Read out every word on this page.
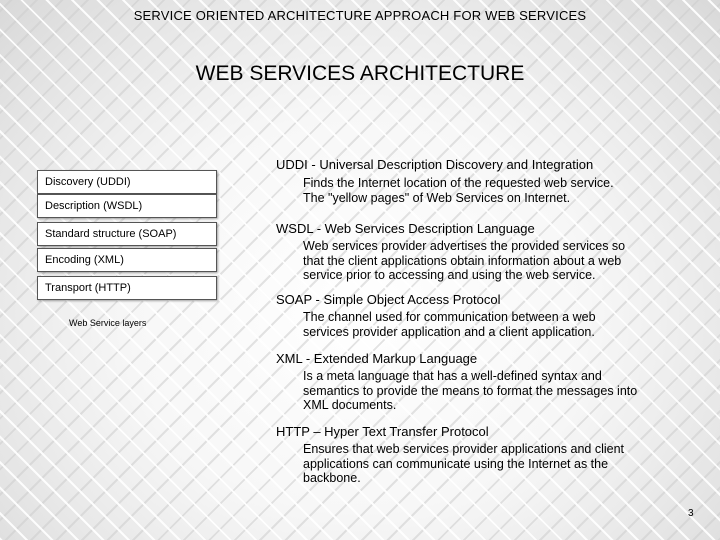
SERVICE ORIENTED ARCHITECTURE APPROACH FOR WEB SERVICES
WEB SERVICES ARCHITECTURE
Discovery (UDDI)
Description (WSDL)
Standard structure (SOAP)
Encoding (XML)
Transport (HTTP)
Web Service layers
UDDI - Universal Description Discovery and Integration
Finds the Internet location of the requested web service.
The "yellow pages" of Web Services on Internet.
WSDL - Web Services Description Language
Web services provider advertises the provided services so
that the client applications obtain information about a web
service prior to accessing and using the web service.
SOAP - Simple Object Access Protocol
The channel used for communication between a web
services provider application and a client application.
XML - Extended Markup Language
Is a meta language that has a well-defined syntax and
semantics to provide the means to format the messages into
XML documents.
HTTP – Hyper Text Transfer Protocol
Ensures that web services provider applications and client
applications can communicate using the Internet as the
backbone.
3
